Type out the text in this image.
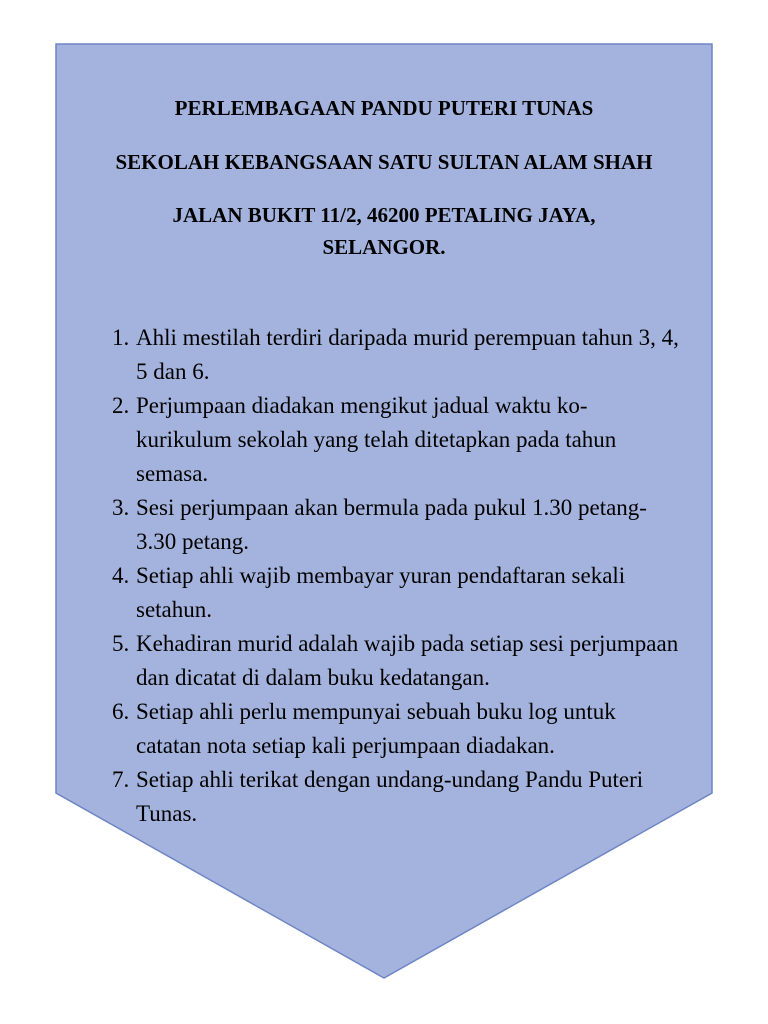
PERLEMBAGAAN PANDU PUTERI TUNAS

SEKOLAH KEBANGSAAN SATU SULTAN ALAM SHAH

JALAN BUKIT 11/2, 46200 PETALING JAYA,

SELANGOR.

1. Ahli mestilah terdiri daripada murid perempuan tahun 3, 4, 5 dan 6.
2. Perjumpaan diadakan mengikut jadual waktu ko-kurikulum sekolah yang telah ditetapkan pada tahun semasa.
3. Sesi perjumpaan akan bermula pada pukul 1.30 petang- 3.30 petang.
4. Setiap ahli wajib membayar yuran pendaftaran sekali setahun.
5. Kehadiran murid adalah wajib pada setiap sesi perjumpaan dan dicatat di dalam buku kedatangan.
6. Setiap ahli perlu mempunyai sebuah buku log untuk catatan nota setiap kali perjumpaan diadakan.
7. Setiap ahli terikat dengan undang-undang Pandu Puteri Tunas.
